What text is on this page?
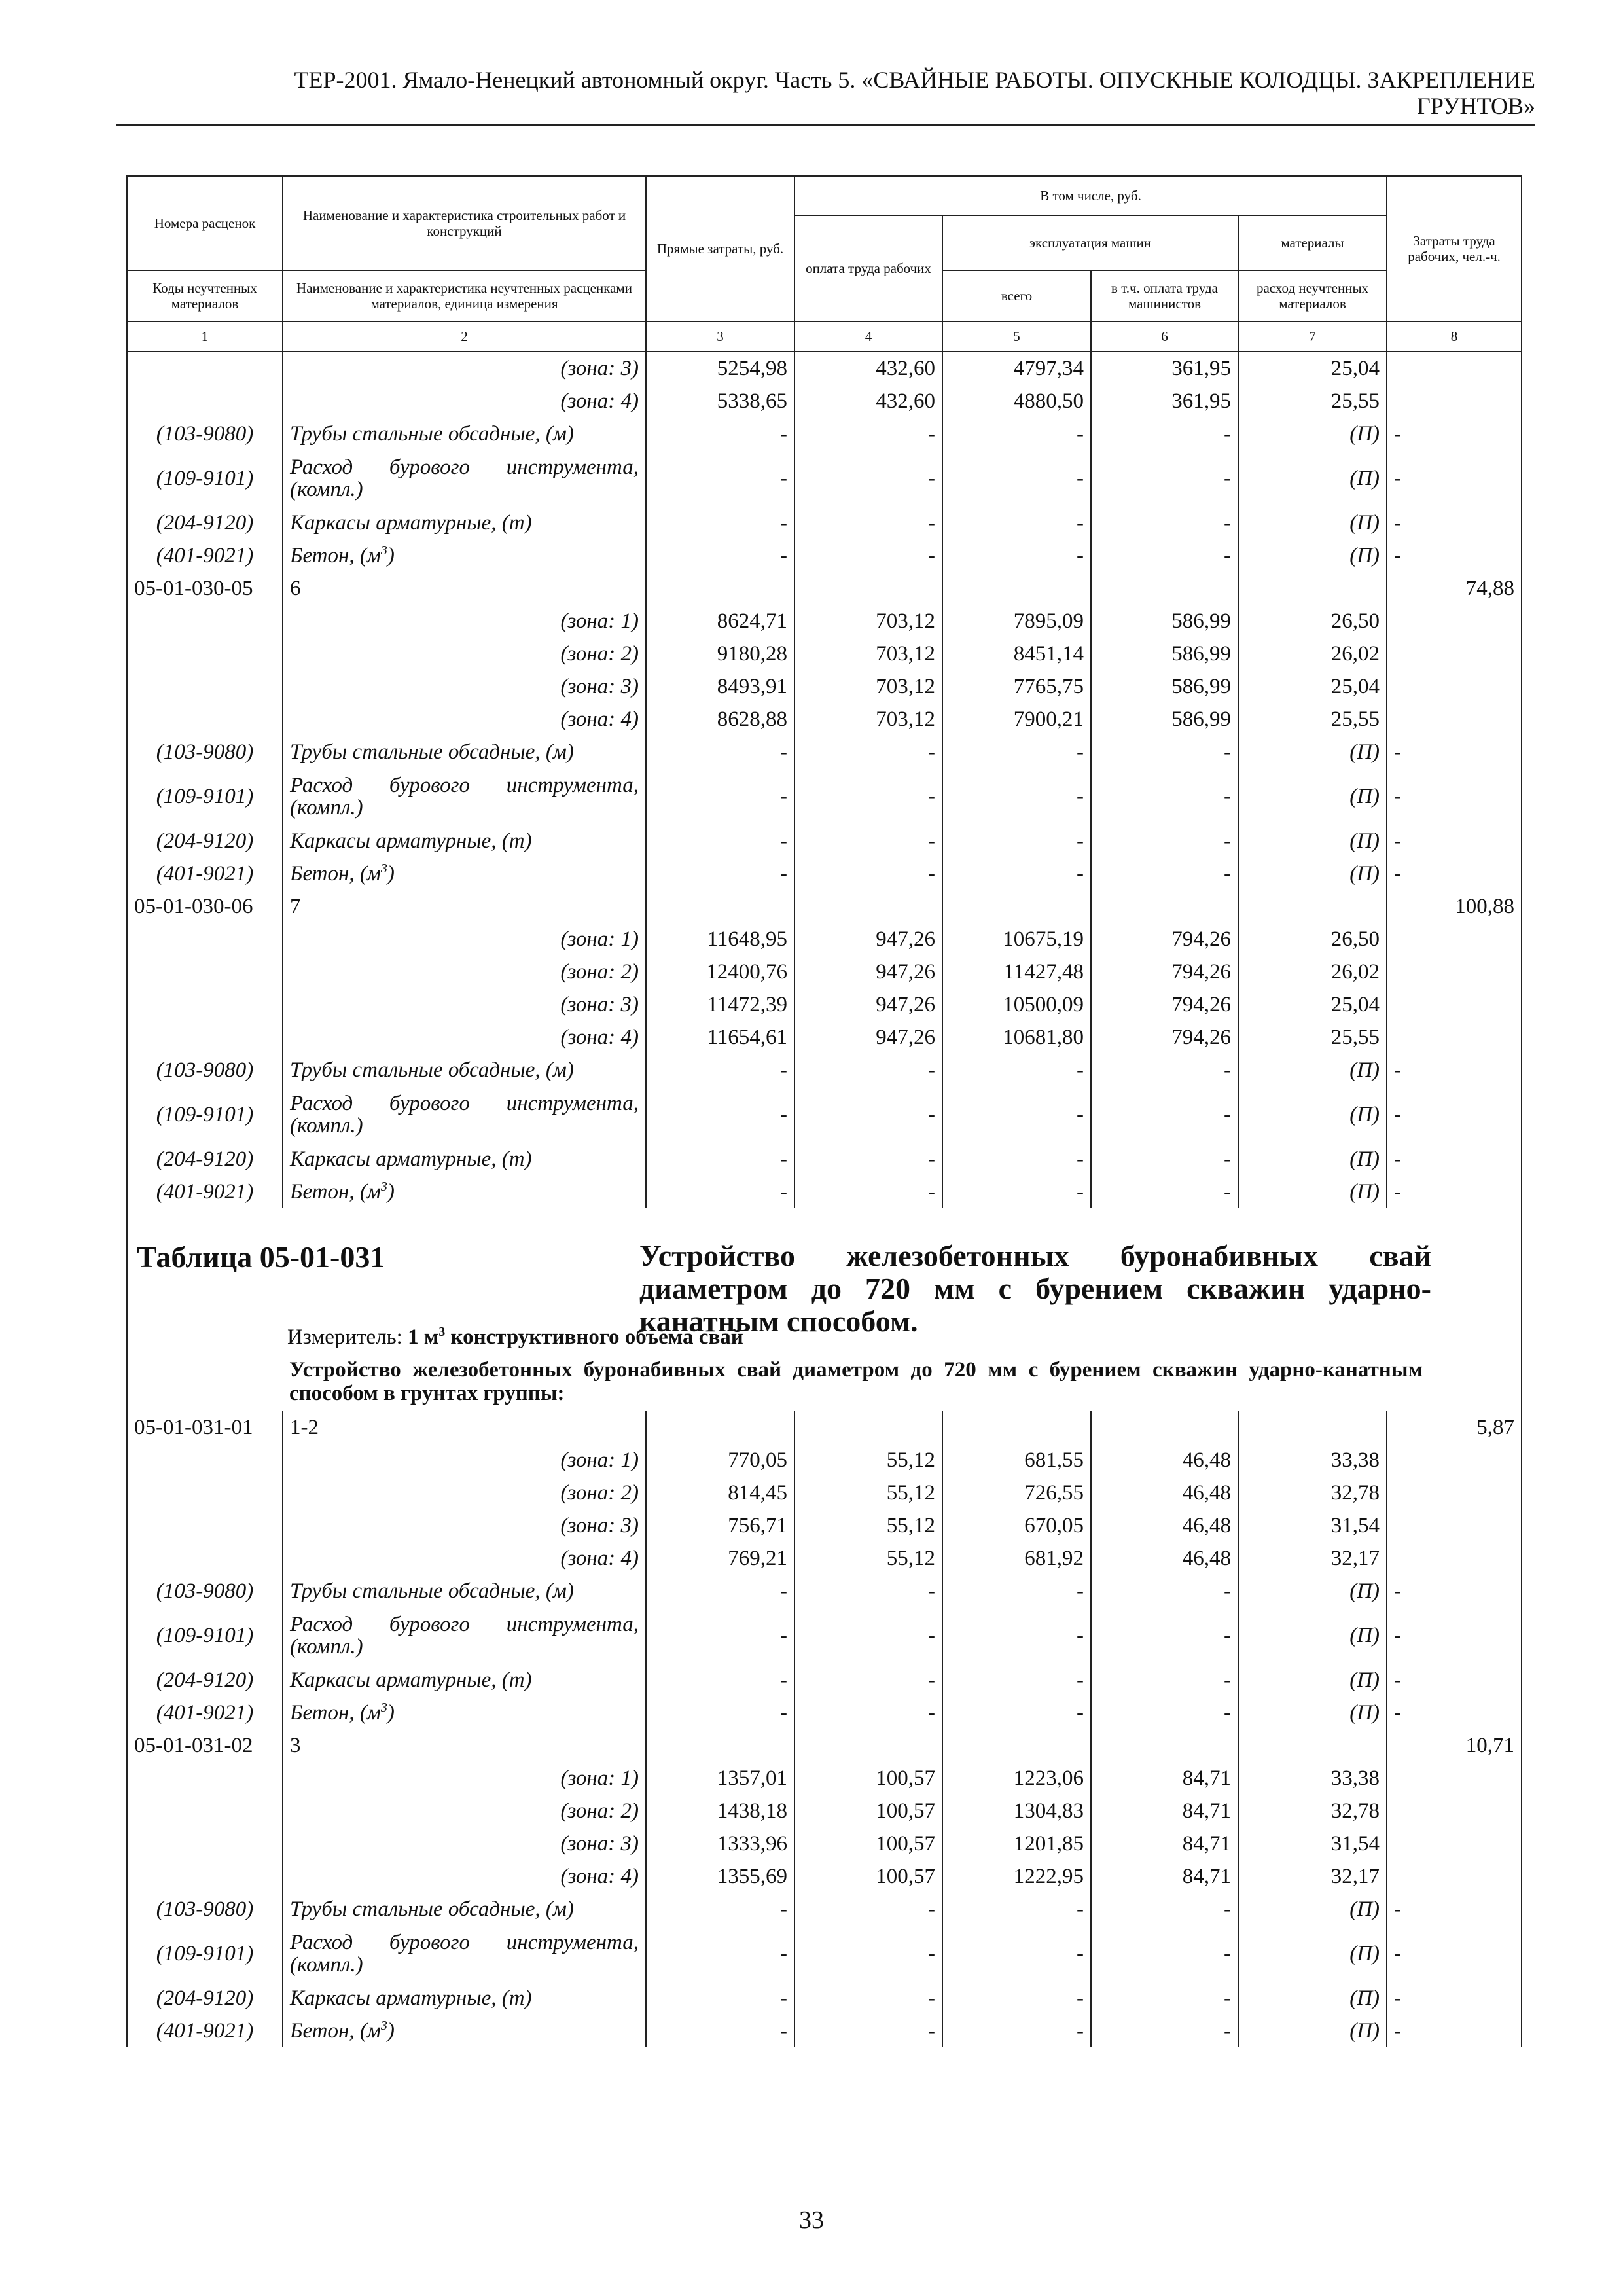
ТЕР-2001. Ямало-Ненецкий автономный округ. Часть 5. «СВАЙНЫЕ РАБОТЫ. ОПУСКНЫЕ КОЛОДЦЫ. ЗАКРЕПЛЕНИЕ
ГРУНТОВ»
Номера расценок	Наименование и характеристика строительных работ и конструкций	Прямые затраты, руб.	В том числе, руб.				Затраты труда рабочих, чел.-ч.
			оплата труда рабочих	эксплуатация машин		материалы	
Коды неучтенных материалов	Наименование и характеристика неучтенных расценками материалов, единица измерения			всего	в т.ч. оплата труда машинистов	расход неучтенных материалов	
1	2	3	4	5	6	7	8
	(зона: 3)	5254,98	432,60	4797,34	361,95	25,04	
	(зона: 4)	5338,65	432,60	4880,50	361,95	25,55	
(103-9080)	Трубы стальные обсадные, (м)	-	-	-	-	(П)	-
(109-9101)	Расход бурового инструмента,
(компл.)	-	-	-	-	(П)	-
(204-9120)	Каркасы арматурные, (т)	-	-	-	-	(П)	-
(401-9021)	Бетон, $(м^3)$	-	-	-	-	(П)	-
05-01-030-05	6						74,88
	(зона: 1)	8624,71	703,12	7895,09	586,99	26,50	
	(зона: 2)	9180,28	703,12	8451,14	586,99	26,02	
	(зона: 3)	8493,91	703,12	7765,75	586,99	25,04	
	(зона: 4)	8628,88	703,12	7900,21	586,99	25,55	
(103-9080)	Трубы стальные обсадные, (м)	-	-	-	-	(П)	-
(109-9101)	Расход бурового инструмента,
(компл.)	-	-	-	-	(П)	-
(204-9120)	Каркасы арматурные, (т)	-	-	-	-	(П)	-
(401-9021)	Бетон, $(м^3)$	-	-	-	-	(П)	-
05-01-030-06	7						100,88
	(зона: 1)	11648,95	947,26	10675,19	794,26	26,50	
	(зона: 2)	12400,76	947,26	11427,48	794,26	26,02	
	(зона: 3)	11472,39	947,26	10500,09	794,26	25,04	
	(зона: 4)	11654,61	947,26	10681,80	794,26	25,55	
(103-9080)	Трубы стальные обсадные, (м)	-	-	-	-	(П)	-
(109-9101)	Расход бурового инструмента,
(компл.)	-	-	-	-	(П)	-
(204-9120)	Каркасы арматурные, (т)	-	-	-	-	(П)	-
(401-9021)	Бетон, $(м^3)$	-	-	-	-	(П)	-

Таблица 05-01-031 Устройство железобетонных буронабивных свай диаметром до 720 мм с бурением скважин ударно-канатным способом.
Измеритель: 1 $м^3$ конструктивного объема свай							

	Устройство железобетонных буронабивных свай диаметром до 720 мм с бурением скважин ударно-канатным способом в грунтах группы:						
05-01-031-01	1-2						5,87
	(зона: 1)	770,05	55,12	681,55	46,48	33,38	
	(зона: 2)	814,45	55,12	726,55	46,48	32,78	
	(зона: 3)	756,71	55,12	670,05	46,48	31,54	
	(зона: 4)	769,21	55,12	681,92	46,48	32,17	
(103-9080)	Трубы стальные обсадные, (м)	-	-	-	-	(П)	-
(109-9101)	Расход бурового инструмента,
(компл.)	-	-	-	-	(П)	-
(204-9120)	Каркасы арматурные, (т)	-	-	-	-	(П)	-
(401-9021)	Бетон, $(м^3)$	-	-	-	-	(П)	-
05-01-031-02	3						10,71
	(зона: 1)	1357,01	100,57	1223,06	84,71	33,38	
	(зона: 2)	1438,18	100,57	1304,83	84,71	32,78	
	(зона: 3)	1333,96	100,57	1201,85	84,71	31,54	
	(зона: 4)	1355,69	100,57	1222,95	84,71	32,17	
(103-9080)	Трубы стальные обсадные, (м)	-	-	-	-	(П)	-
(109-9101)	Расход бурового инструмента,
(компл.)	-	-	-	-	(П)	-
(204-9120)	Каркасы арматурные, (т)	-	-	-	-	(П)	-
(401-9021)	Бетон, $(м^3)$	-	-	-	-	(П)	-
33
